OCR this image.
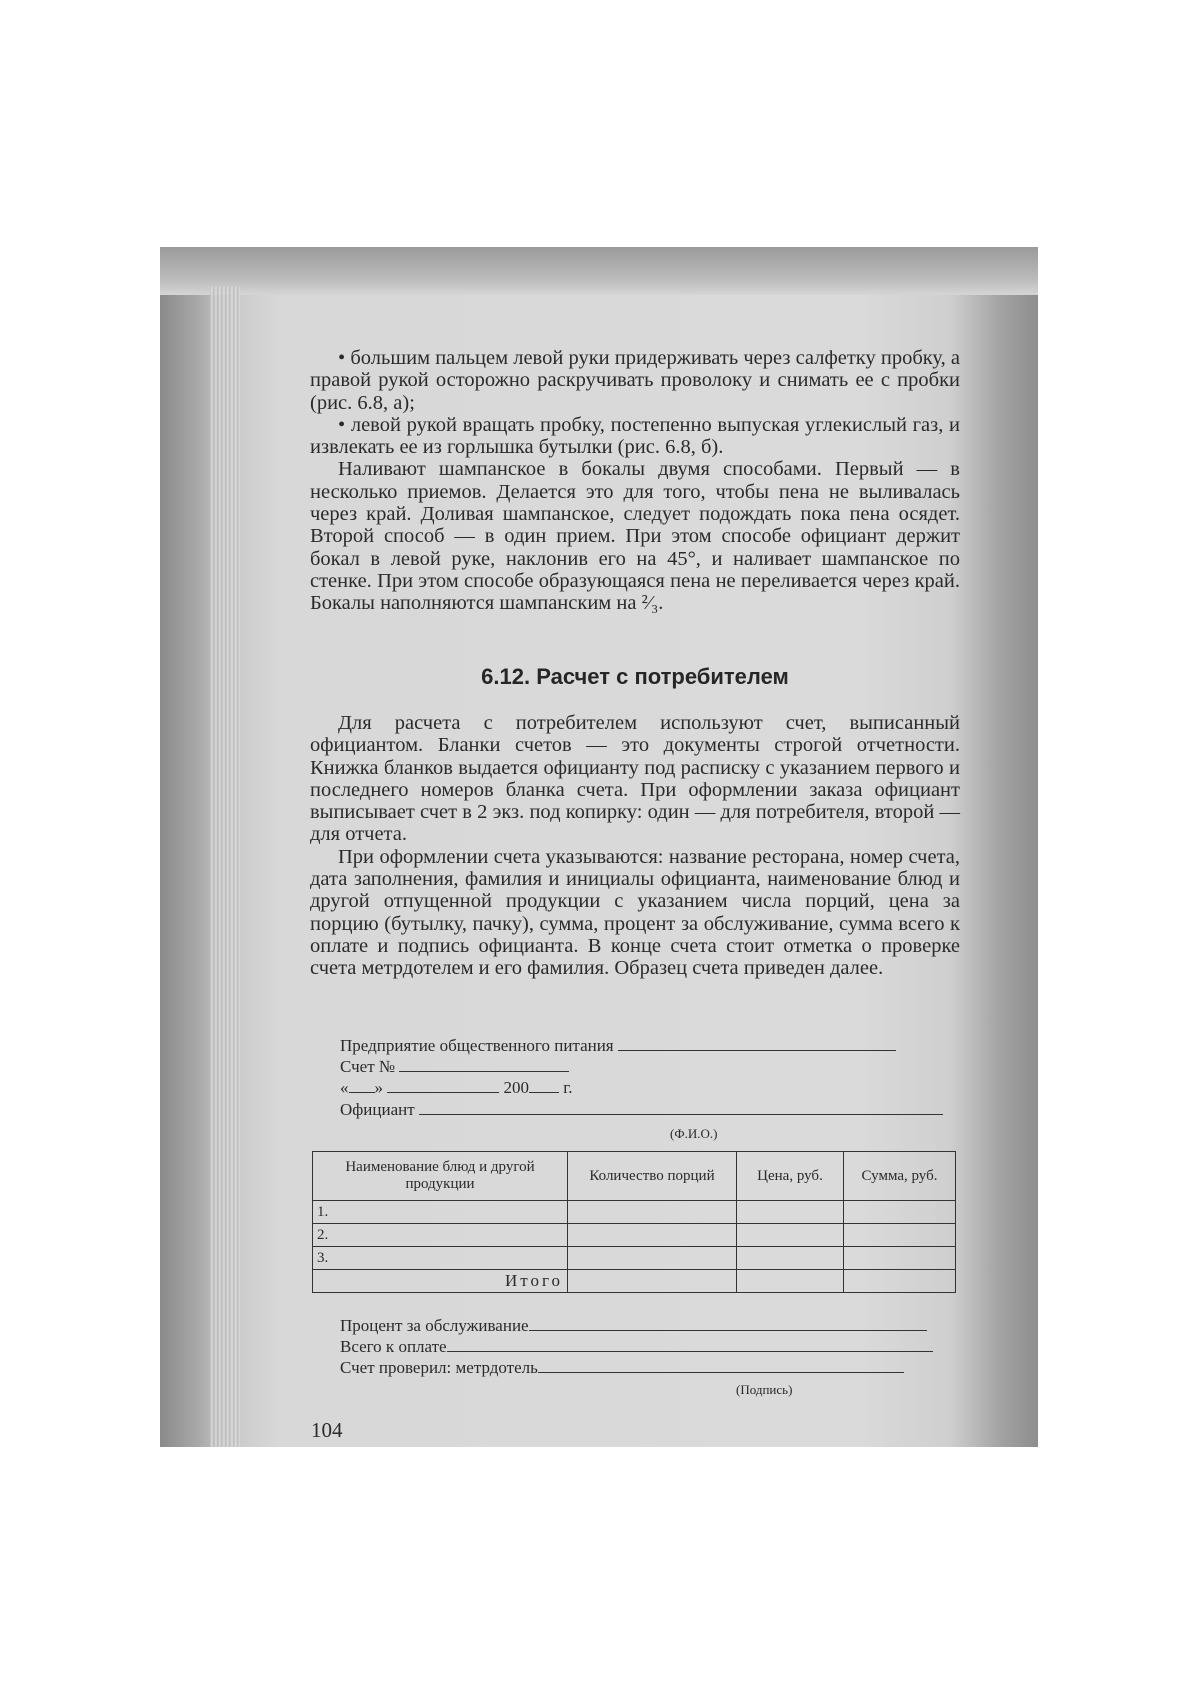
• большим пальцем левой руки придерживать через салфетку пробку, а правой рукой осторожно раскручивать проволоку и снимать ее с пробки (рис. 6.8, а);

• левой рукой вращать пробку, постепенно выпуская углекислый газ, и извлекать ее из горлышка бутылки (рис. 6.8, б).

Наливают шампанское в бокалы двумя способами. Первый — в несколько приемов. Делается это для того, чтобы пена не выливалась через край. Доливая шампанское, следует подождать пока пена осядет. Второй способ — в один прием. При этом способе официант держит бокал в левой руке, наклонив его на 45°, и наливает шампанское по стенке. При этом способе образующаяся пена не переливается через край. Бокалы наполняются шампанским на ²⁄₃.

6.12. Расчет с потребителем

Для расчета с потребителем используют счет, выписанный официантом. Бланки счетов — это документы строгой отчетности. Книжка бланков выдается официанту под расписку с указанием первого и последнего номеров бланка счета. При оформлении заказа официант выписывает счет в 2 экз. под копирку: один — для потребителя, второй — для отчета.

При оформлении счета указываются: название ресторана, номер счета, дата заполнения, фамилия и инициалы официанта, наименование блюд и другой отпущенной продукции с указанием числа порций, цена за порцию (бутылку, пачку), сумма, процент за обслуживание, сумма всего к оплате и подпись официанта. В конце счета стоит отметка о проверке счета метрдотелем и его фамилия. Образец счета приведен далее.

Предприятие общественного питания
Счет №
« »	200 г.
Официант
(Ф.И.О.)
Наименование блюд и другой продукции	Количество порций	Цена, руб.	Сумма, руб.
1.			
2.			
3.			
Итого			
Процент за обслуживание
Всего к оплате
Счет проверил: метрдотель
(Подпись)
104
